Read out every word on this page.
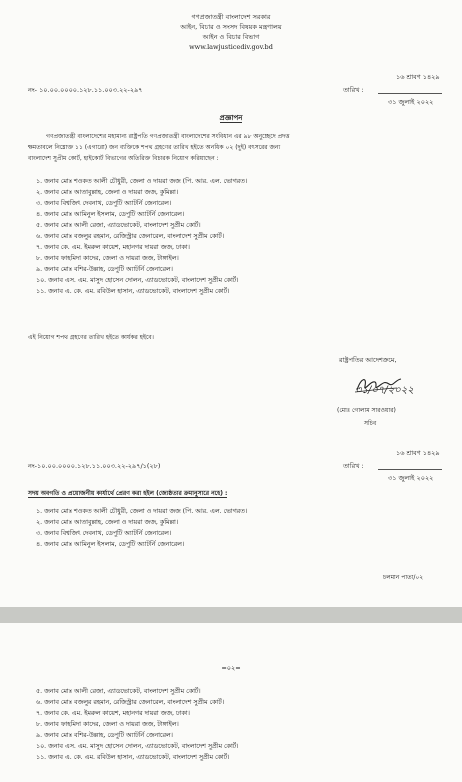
গণপ্রজাতন্ত্রী বাংলাদেশ সরকার
আইন, বিচার ও সংসদ বিষয়ক মন্ত্রণালয়
আইন ও বিচার বিভাগ
www.lawjusticediv.gov.bd
১৬ শ্রাবণ ১৪২৯
নং- ১০.০০.০০০০.১২৮.১১.০০৩.২২-২৯৭	তারিখ :
৩১ জুলাই ২০২২
প্রজ্ঞাপন
গণপ্রজাতন্ত্রী বাংলাদেশের মহামান্য রাষ্ট্রপতি গণপ্রজাতন্ত্রী বাংলাদেশের সংবিধান এর ৯৮ অনুচ্ছেদে প্রদত্ত
ক্ষমতাবলে নিম্নোক্ত ১১ (এগারো) জন ব্যক্তিকে শপথ গ্রহণের তারিখ হইতে অনধিক ০২ (দুই) বৎসরের জন্য
বাংলাদেশ সুপ্রীম কোর্ট, হাইকোর্ট বিভাগের অতিরিক্ত বিচারক নিয়োগ করিয়াছেন :
১. জনাব মোঃ শওকত আলী চৌধুরী, জেলা ও দায়রা জজ (পি. আর. এল. ভোগরত।
২. জনাব মোঃ আতাবুল্লাহ, জেলা ও দায়রা জজ, কুমিল্লা।
৩. জনাব বিশ্বজিৎ দেবনাথ, ডেপুটি অ্যাটর্নি জেনারেল।
৪. জনাব মোঃ আমিনুল ইসলাম, ডেপুটি অ্যাটর্নি জেনারেল।
৫. জনাব মোঃ আলী রেজা, এ্যাডভোকেট, বাংলাদেশ সুপ্রীম কোর্ট।
৬. জনাব মোঃ বজলুর রহমান, রেজিস্ট্রার জেনারেল, বাংলাদেশ সুপ্রীম কোর্ট।
৭. জনাব কে. এম. ইমরুল কায়েশ, মহানগর দায়রা জজ, ঢাকা।
৮. জনাব ফাহমিদা কাদের, জেলা ও দায়রা জজ, টাঙ্গাইল।
৯. জনাব মোঃ বশির-উল্লাহ, ডেপুটি অ্যাটর্নি জেনারেল।
১০. জনাব এস. এম. মাসুদ হোসেন দোলন, এ্যাডভোকেট, বাংলাদেশ সুপ্রীম কোর্ট।
১১. জনাব এ. কে. এম. রবিউল হাসান, এ্যাডভোকেট, বাংলাদেশ সুপ্রীম কোর্ট।
এই নিয়োগ শপথ গ্রহণের তারিখ হইতে কার্যকর হইবে।
রাষ্ট্রপতির আদেশক্রমে,
৩১/০৭/২০২২
(মোঃ গোলাম সারওয়ার)
সচিব
১৬ শ্রাবণ ১৪২৯
নং-১০.০০.০০০০.১২৮.১১.০০৩.২২-২৯৭/১(২৮)	তারিখ :
৩১ জুলাই ২০২২
সদয় অবগতি ও প্রয়োজনীয় কার্যার্থে প্রেরণ করা হইল (জ্যেষ্ঠতার ক্রমানুসারে নহে) :
১. জনাব মোঃ শওকত আলী চৌধুরী, জেলা ও দায়রা জজ (পি. আর. এল. ভোগরত।
২. জনাব মোঃ আতাবুল্লাহ, জেলা ও দায়রা জজ, কুমিল্লা।
৩. জনাব বিশ্বজিৎ দেবনাথ, ডেপুটি অ্যাটর্নি জেনারেল।
৪. জনাব মোঃ আমিনুল ইসলাম, ডেপুটি অ্যাটর্নি জেনারেল।
চলমান পাতা/০২
=০২=
৫. জনাব মোঃ আলী রেজা, এ্যাডভোকেট, বাংলাদেশ সুপ্রীম কোর্ট।
৬. জনাব মোঃ বজলুর রহমান, রেজিস্ট্রার জেনারেল, বাংলাদেশ সুপ্রীম কোর্ট।
৭. জনাব কে. এম. ইমরুল কায়েশ, মহানগর দায়রা জজ, ঢাকা।
৮. জনাব ফাহমিদা কাদের, জেলা ও দায়রা জজ, টাঙ্গাইল।
৯. জনাব মোঃ বশির-উল্লাহ, ডেপুটি অ্যাটর্নি জেনারেল।
১০. জনাব এস. এম. মাসুদ হোসেন দোলন, এ্যাডভোকেট, বাংলাদেশ সুপ্রীম কোর্ট।
১১. জনাব এ. কে. এম. রবিউল হাসান, এ্যাডভোকেট, বাংলাদেশ সুপ্রীম কোর্ট।
